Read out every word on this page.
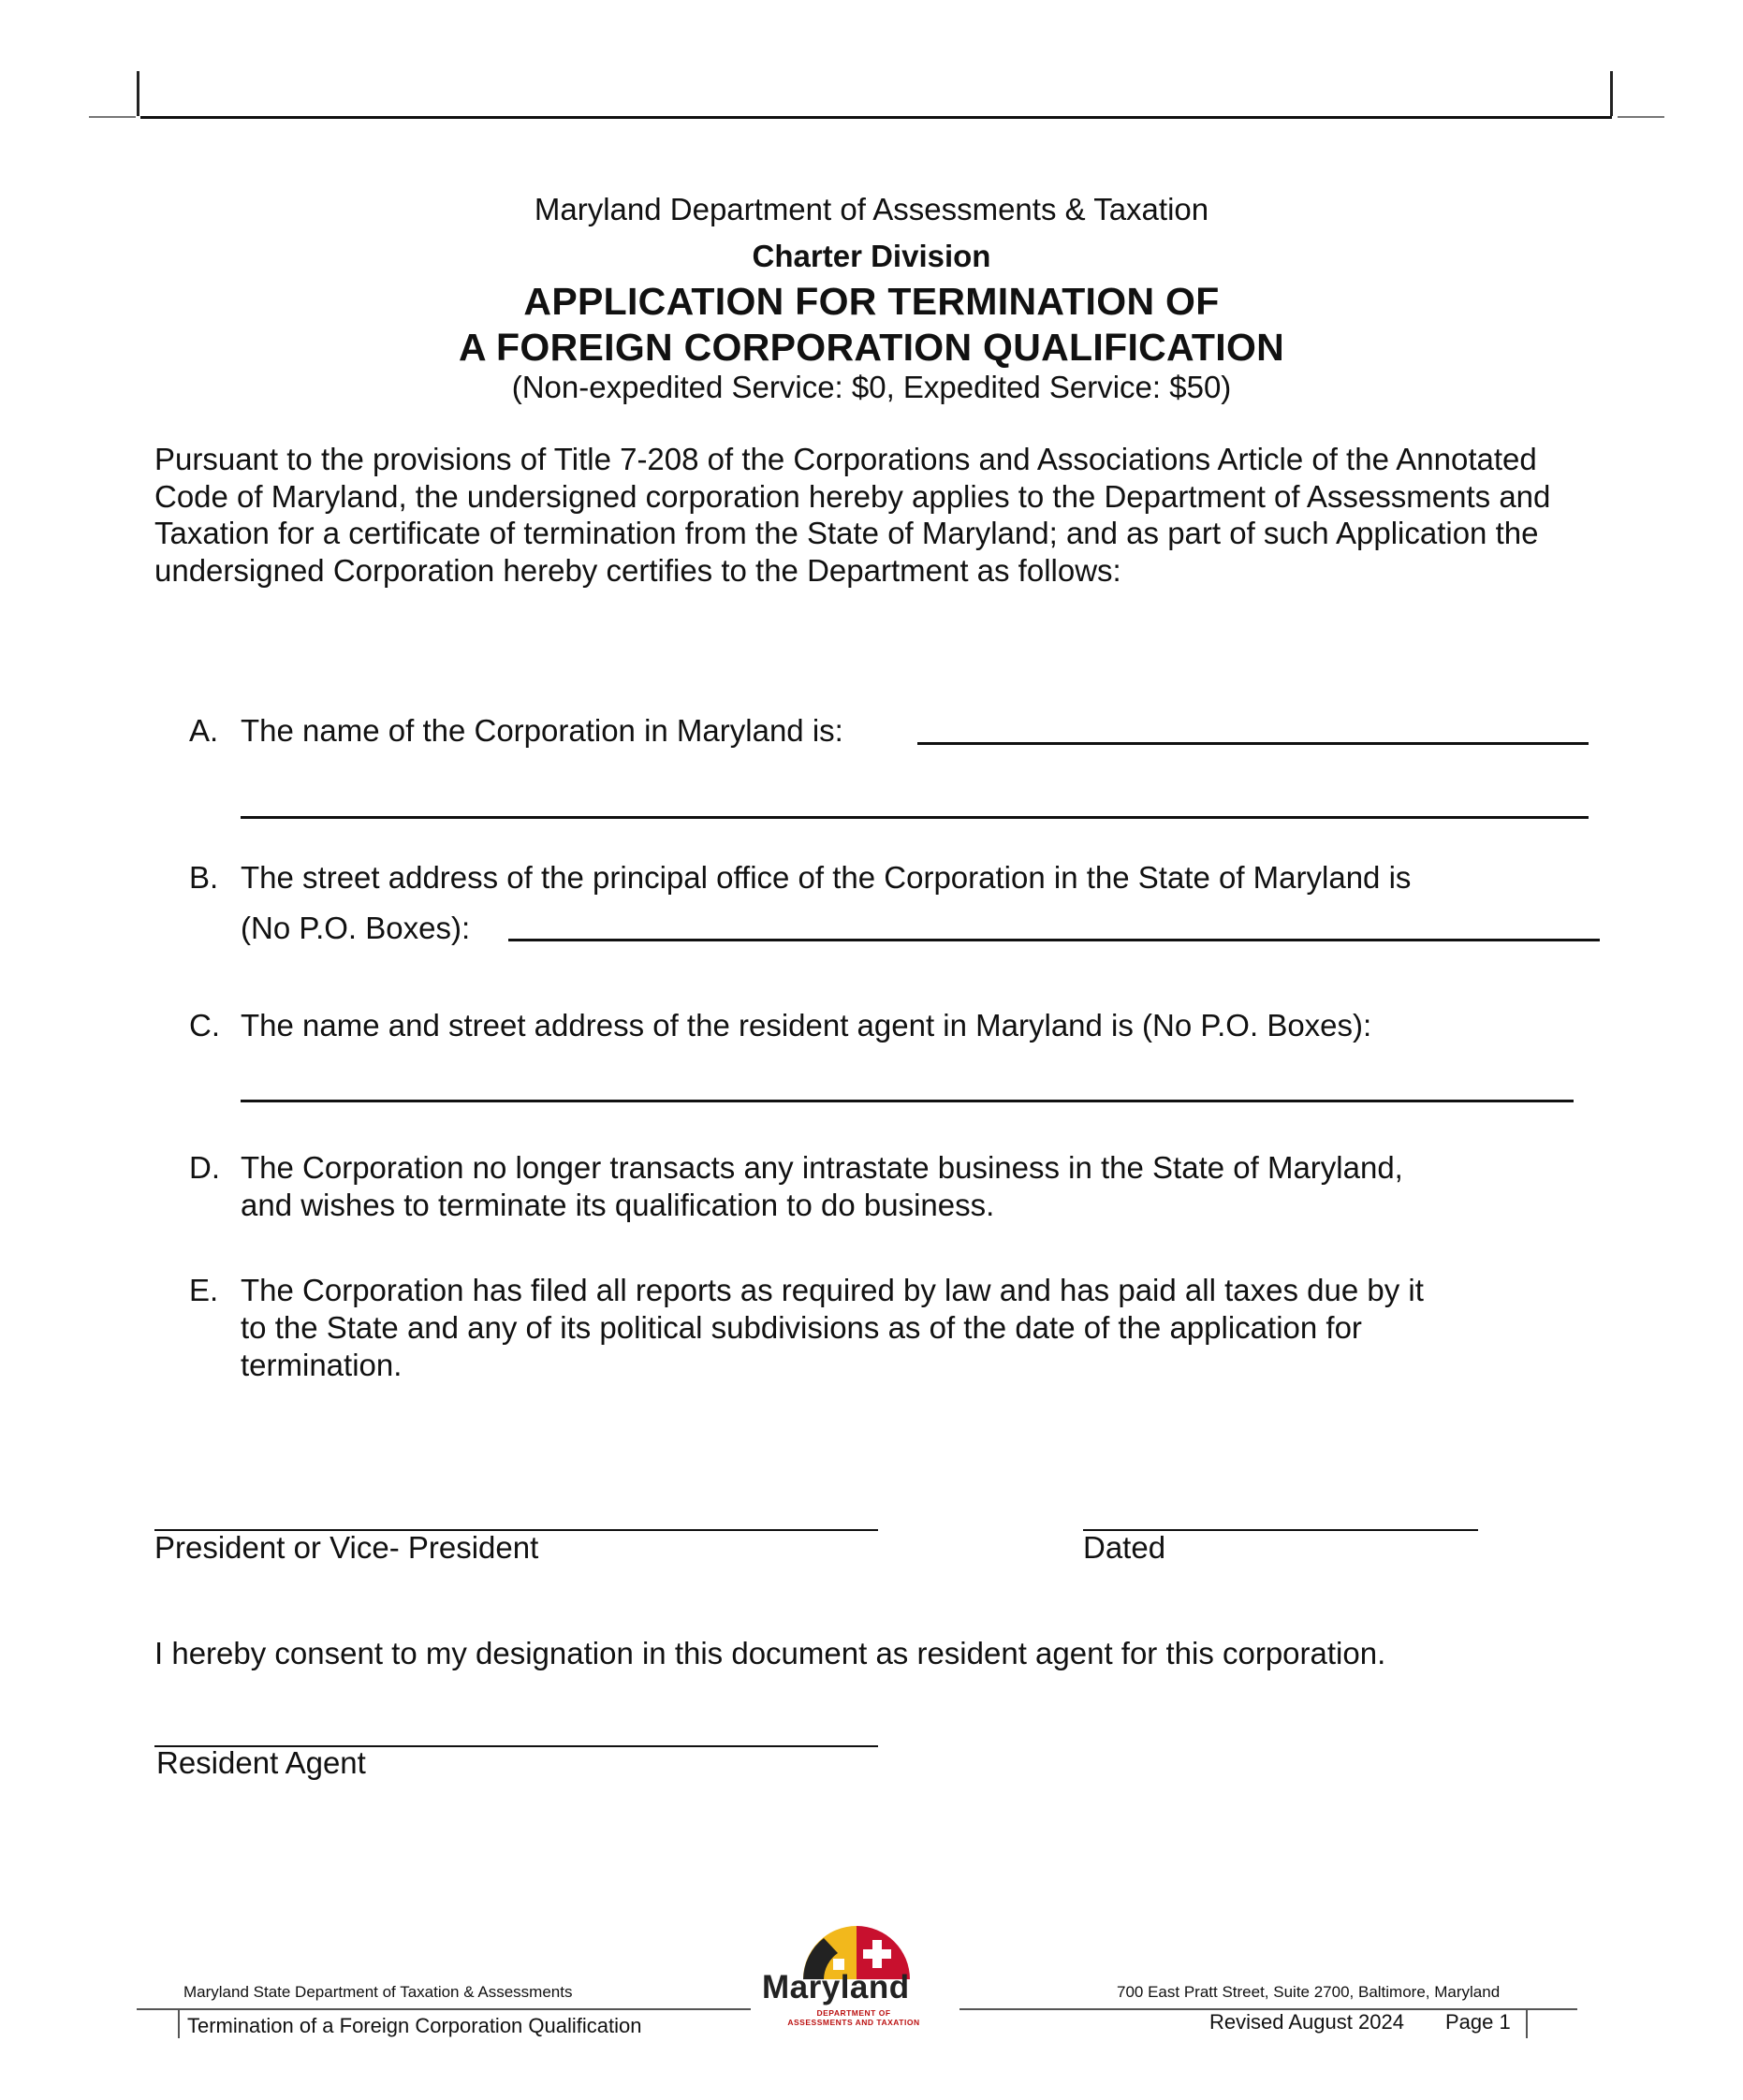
Maryland Department of Assessments & Taxation
Charter Division
APPLICATION FOR TERMINATION OF
A FOREIGN CORPORATION QUALIFICATION
(Non-expedited Service: $0, Expedited Service: $50)
Pursuant to the provisions of Title 7-208 of the Corporations and Associations Article of the Annotated Code of Maryland, the undersigned corporation hereby applies to the Department of Assessments and Taxation for a certificate of termination from the State of Maryland; and as part of such Application the undersigned Corporation hereby certifies to the Department as follows:
A. The name of the Corporation in Maryland is:
B. The street address of the principal office of the Corporation in the State of Maryland is
(No P.O. Boxes):
C. The name and street address of the resident agent in Maryland is (No P.O. Boxes):
D. The Corporation no longer transacts any intrastate business in the State of Maryland,
and wishes to terminate its qualification to do business.
E. The Corporation has filed all reports as required by law and has paid all taxes due by it
to the State and any of its political subdivisions as of the date of the application for
termination.
President or Vice- President	Dated
I hereby consent to my designation in this document as resident agent for this corporation.
Resident Agent
Maryland
DEPARTMENT OF
ASSESSMENTS AND TAXATION
Maryland State Department of Taxation & Assessments	700 East Pratt Street, Suite 2700, Baltimore, Maryland
Termination of a Foreign Corporation Qualification	Revised August 2024 Page 1
